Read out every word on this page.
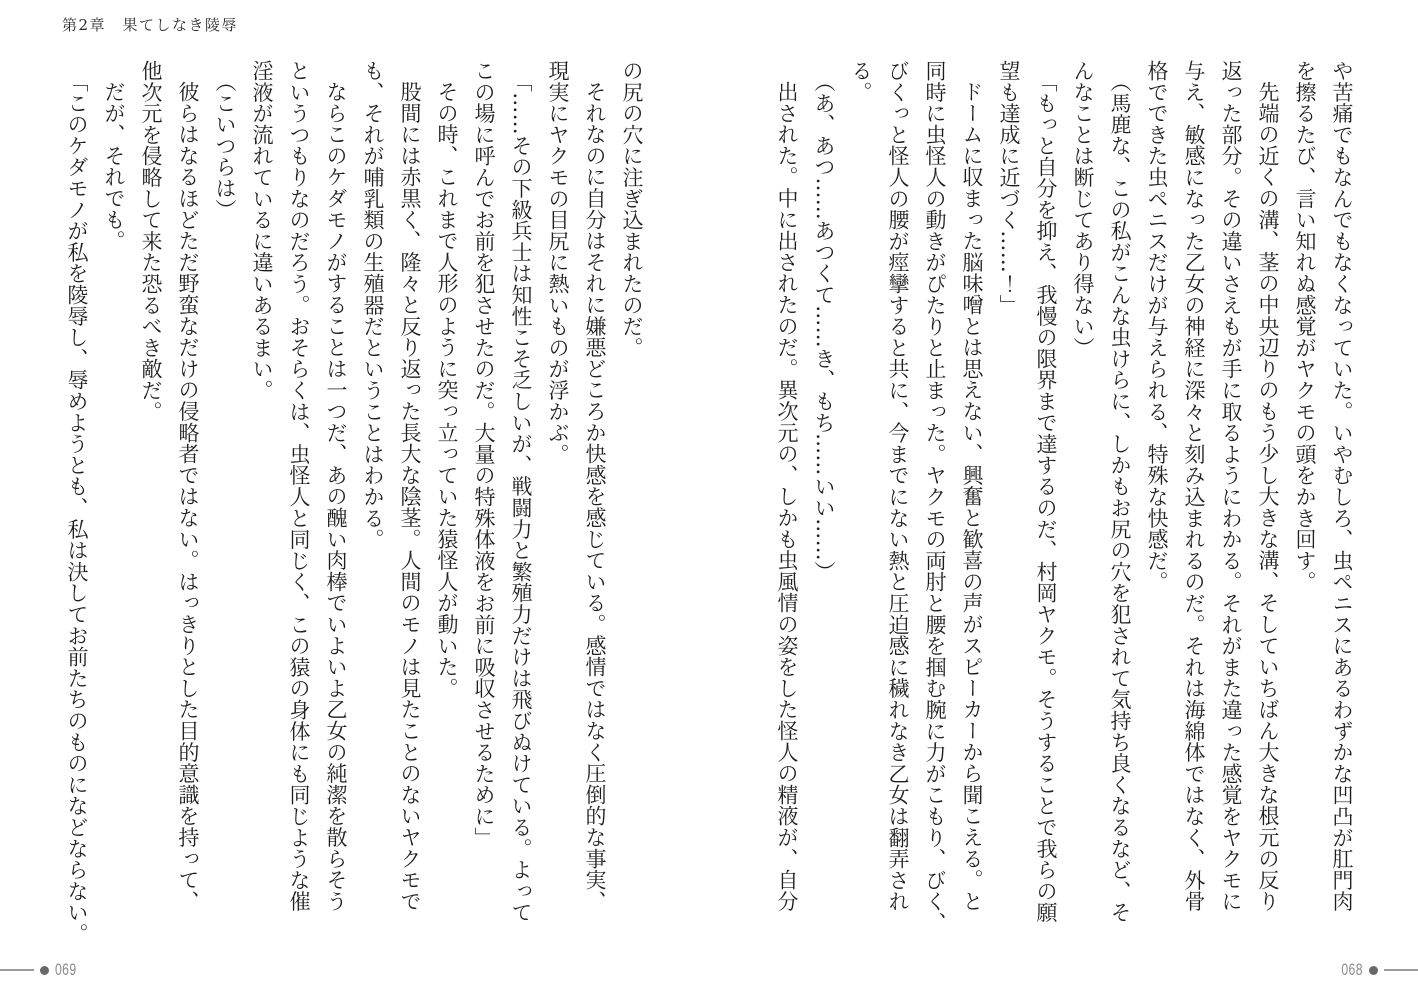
第2章　果てしなき陵辱

や苦痛でもなんでもなくなっていた。いやむしろ、虫ペニスにあるわずかな凹凸が肛門肉

を擦るたび、言い知れぬ感覚がヤクモの頭をかき回す。

先端の近くの溝、茎の中央辺りのもう少し大きな溝、そしていちばん大きな根元の反り

返った部分。その違いさえもが手に取るようにわかる。それがまた違った感覚をヤクモに

与え、敏感になった乙女の神経に深々と刻み込まれるのだ。それは海綿体ではなく、外骨

格でできた虫ペニスだけが与えられる、特殊な快感だ。

（馬鹿な、この私がこんな虫けらに、しかもお尻の穴を犯されて気持ち良くなるなど、そ

んなことは断じてあり得ない）

「もっと自分を抑え、我慢の限界まで達するのだ、村岡ヤクモ。そうすることで我らの願

望も達成に近づく……！」

ドームに収まった脳味噌とは思えない、興奮と歓喜の声がスピーカーから聞こえる。と

同時に虫怪人の動きがぴたりと止まった。ヤクモの両肘と腰を掴む腕に力がこもり、びく、

びくっと怪人の腰が痙攣すると共に、今までにない熱と圧迫感に穢れなき乙女は翻弄され

る。

（あ、あつ……あつくて……き、もち……いい……）

出された。中に出されたのだ。異次元の、しかも虫風情の姿をした怪人の精液が、自分

の尻の穴に注ぎ込まれたのだ。

それなのに自分はそれに嫌悪どころか快感を感じている。感情ではなく圧倒的な事実、

現実にヤクモの目尻に熱いものが浮かぶ。

「……その下級兵士は知性こそ乏しいが、戦闘力と繁殖力だけは飛びぬけている。よって

この場に呼んでお前を犯させたのだ。大量の特殊体液をお前に吸収させるために」

その時、これまで人形のように突っ立っていた猿怪人が動いた。

股間には赤黒く、隆々と反り返った長大な陰茎。人間のモノは見たことのないヤクモで

も、それが哺乳類の生殖器だということはわかる。

ならこのケダモノがすることは一つだ、あの醜い肉棒でいよいよ乙女の純潔を散らそう

というつもりなのだろう。おそらくは、虫怪人と同じく、この猿の身体にも同じような催

淫液が流れているに違いあるまい。

（こいつらは）

彼らはなるほどただ野蛮なだけの侵略者ではない。はっきりとした目的意識を持って、

他次元を侵略して来た恐るべき敵だ。

だが、それでも。

「このケダモノが私を陵辱し、辱めようとも、私は決してお前たちのものになどならない。

069	068
